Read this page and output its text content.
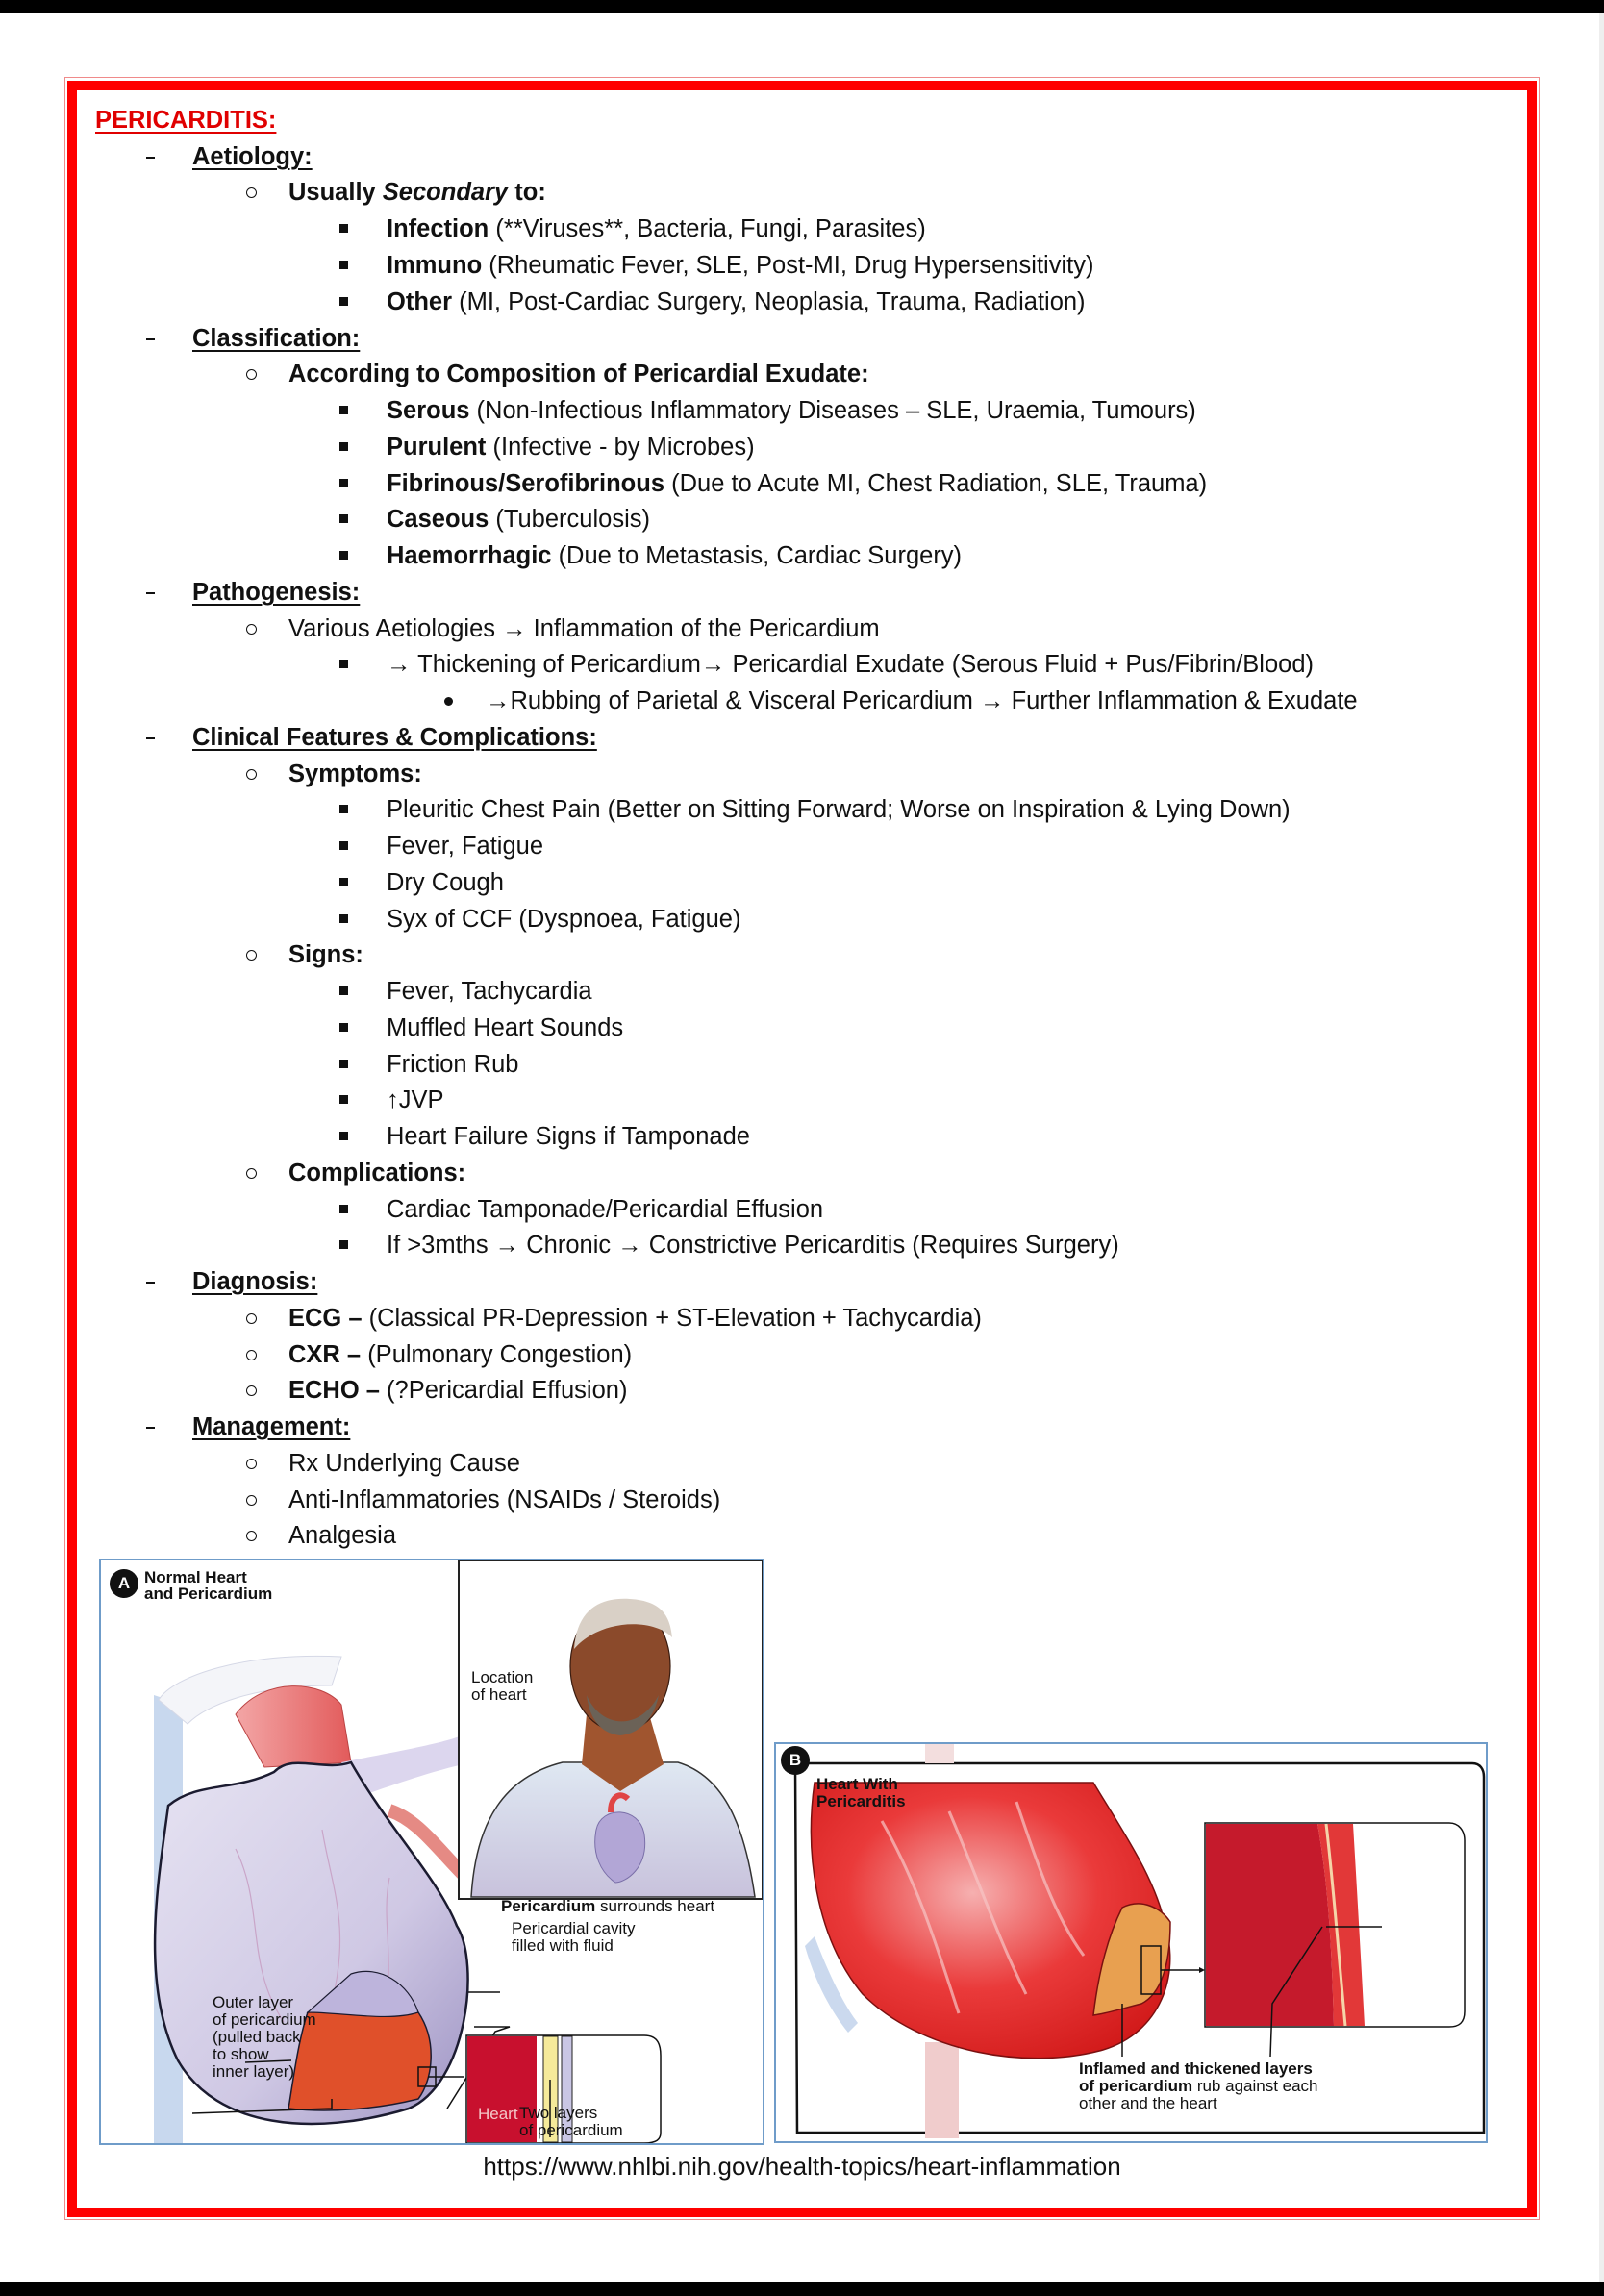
PERICARDITIS:
Aetiology:
Usually Secondary to:
Infection (**Viruses**, Bacteria, Fungi, Parasites)
Immuno (Rheumatic Fever, SLE, Post-MI, Drug Hypersensitivity)
Other (MI, Post-Cardiac Surgery, Neoplasia, Trauma, Radiation)
Classification:
According to Composition of Pericardial Exudate:
Serous (Non-Infectious Inflammatory Diseases – SLE, Uraemia, Tumours)
Purulent (Infective - by Microbes)
Fibrinous/Serofibrinous (Due to Acute MI, Chest Radiation, SLE, Trauma)
Caseous (Tuberculosis)
Haemorrhagic (Due to Metastasis, Cardiac Surgery)
Pathogenesis:
Various Aetiologies → Inflammation of the Pericardium
→ Thickening of Pericardium→ Pericardial Exudate (Serous Fluid + Pus/Fibrin/Blood)
→Rubbing of Parietal & Visceral Pericardium → Further Inflammation & Exudate
Clinical Features & Complications:
Symptoms:
Pleuritic Chest Pain (Better on Sitting Forward; Worse on Inspiration & Lying Down)
Fever, Fatigue
Dry Cough
Syx of CCF (Dyspnoea, Fatigue)
Signs:
Fever, Tachycardia
Muffled Heart Sounds
Friction Rub
↑JVP
Heart Failure Signs if Tamponade
Complications:
Cardiac Tamponade/Pericardial Effusion
If >3mths → Chronic → Constrictive Pericarditis (Requires Surgery)
Diagnosis:
ECG – (Classical PR-Depression + ST-Elevation + Tachycardia)
CXR – (Pulmonary Congestion)
ECHO – (?Pericardial Effusion)
Management:
Rx Underlying Cause
Anti-Inflammatories (NSAIDs / Steroids)
Analgesia
A Normal Heart
and Pericardium
Location
of heart
Pericardium surrounds heart
Pericardial cavity
filled with fluid
Outer layer
of pericardium
(pulled back
to show
inner layer)
Heart Two layers
of pericardium
B
Heart With
Pericarditis
Inflamed and thickened layers
of pericardium rub against each
other and the heart
https://www.nhlbi.nih.gov/health-topics/heart-inflammation
